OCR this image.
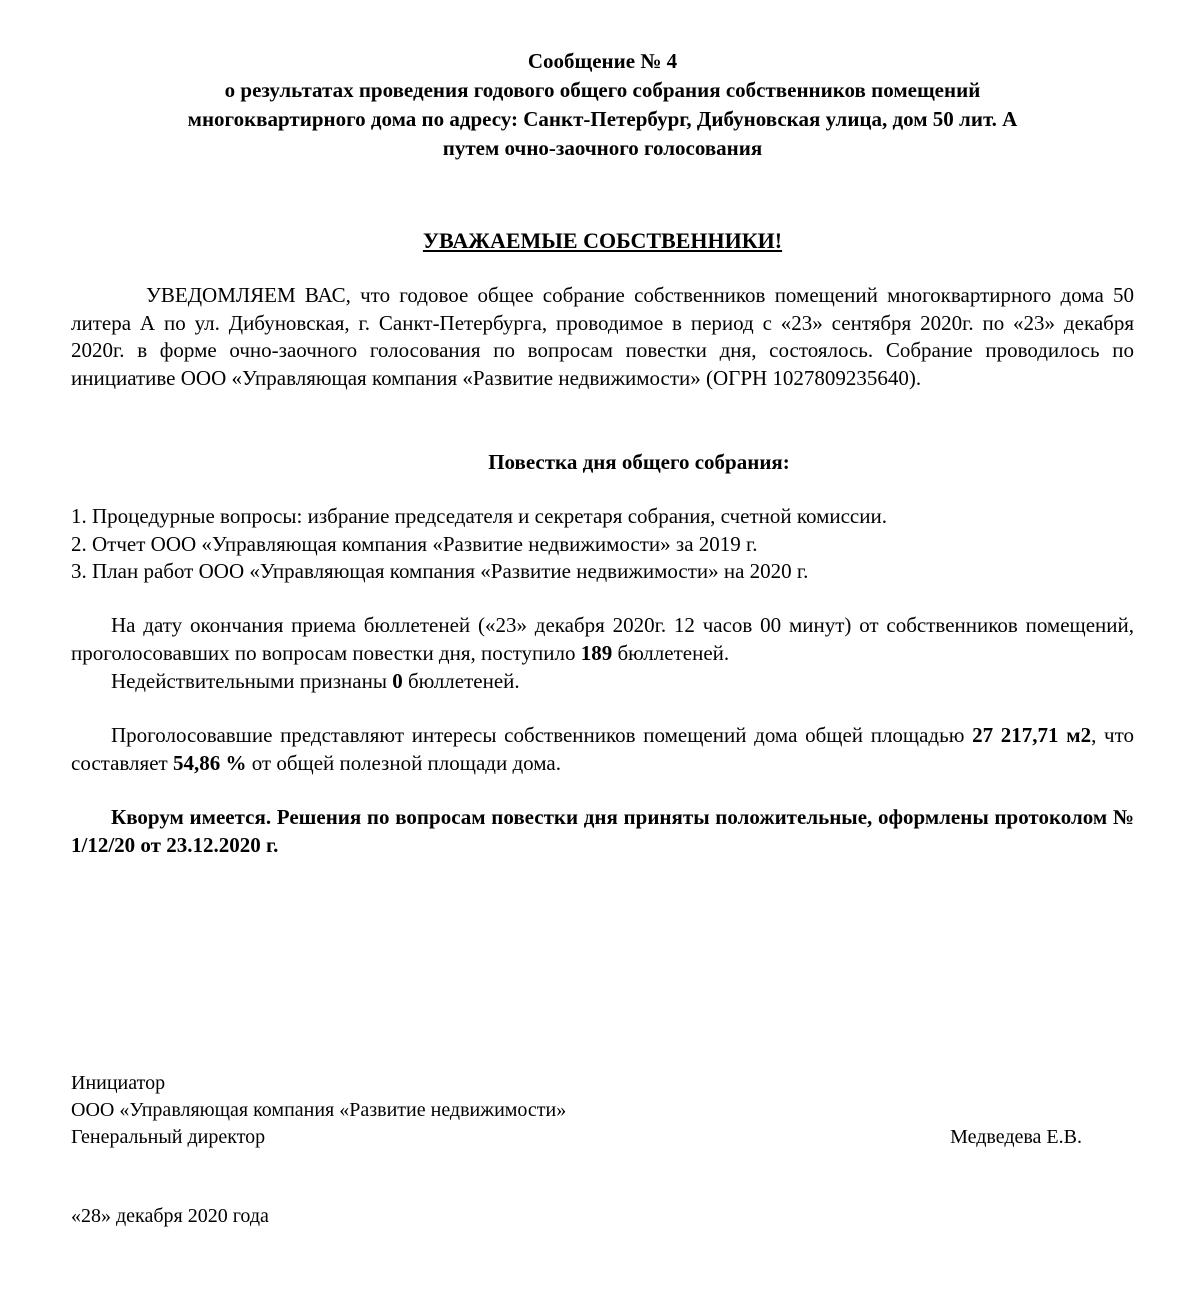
Сообщение № 4
о результатах проведения годового общего собрания собственников помещений
многоквартирного дома по адресу: Санкт-Петербург, Дибуновская улица, дом 50 лит. А
путем очно-заочного голосования
УВАЖАЕМЫЕ СОБСТВЕННИКИ!
УВЕДОМЛЯЕМ ВАС, что годовое общее собрание собственников помещений многоквартирного дома 50 литера А по ул. Дибуновская, г. Санкт-Петербурга, проводимое в период с «23» сентября 2020г. по «23» декабря 2020г. в форме очно-заочного голосования по вопросам повестки дня, состоялось. Собрание проводилось по инициативе ООО «Управляющая компания «Развитие недвижимости» (ОГРН 1027809235640).
Повестка дня общего собрания:
1. Процедурные вопросы: избрание председателя и секретаря собрания, счетной комиссии.
2. Отчет ООО «Управляющая компания «Развитие недвижимости» за 2019 г.
3. План работ ООО «Управляющая компания «Развитие недвижимости» на 2020 г.
На дату окончания приема бюллетеней («23» декабря 2020г. 12 часов 00 минут) от собственников помещений, проголосовавших по вопросам повестки дня, поступило 189 бюллетеней.
Недействительными признаны 0 бюллетеней.
Проголосовавшие представляют интересы собственников помещений дома общей площадью 27 217,71 м2, что составляет 54,86 % от общей полезной площади дома.
Кворум имеется. Решения по вопросам повестки дня приняты положительные, оформлены протоколом № 1/12/20 от 23.12.2020 г.
Инициатор
ООО «Управляющая компания «Развитие недвижимости»
Генеральный директор	Медведева Е.В.
«28» декабря 2020 года
